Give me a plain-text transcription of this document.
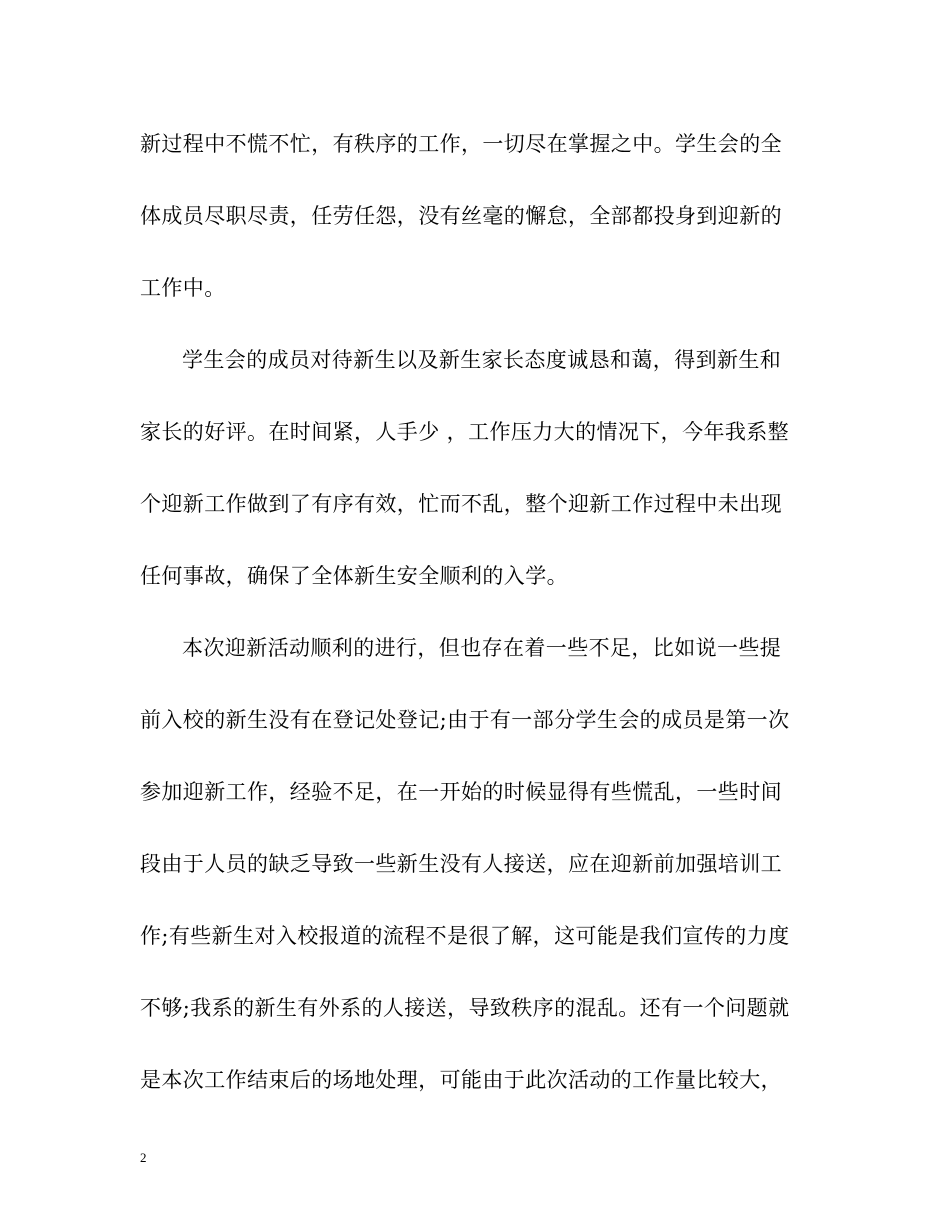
新过程中不慌不忙，有秩序的工作，一切尽在掌握之中。学生会的全
体成员尽职尽责，任劳任怨，没有丝毫的懈怠，全部都投身到迎新的
工作中。
学生会的成员对待新生以及新生家长态度诚恳和蔼，得到新生和
家长的好评。在时间紧，人手少 ，工作压力大的情况下，今年我系整
个迎新工作做到了有序有效，忙而不乱，整个迎新工作过程中未出现
任何事故，确保了全体新生安全顺利的入学。
本次迎新活动顺利的进行，但也存在着一些不足，比如说一些提
前入校的新生没有在登记处登记;由于有一部分学生会的成员是第一次
参加迎新工作，经验不足，在一开始的时候显得有些慌乱，一些时间
段由于人员的缺乏导致一些新生没有人接送，应在迎新前加强培训工
作;有些新生对入校报道的流程不是很了解，这可能是我们宣传的力度
不够;我系的新生有外系的人接送，导致秩序的混乱。还有一个问题就
是本次工作结束后的场地处理，可能由于此次活动的工作量比较大，
2
